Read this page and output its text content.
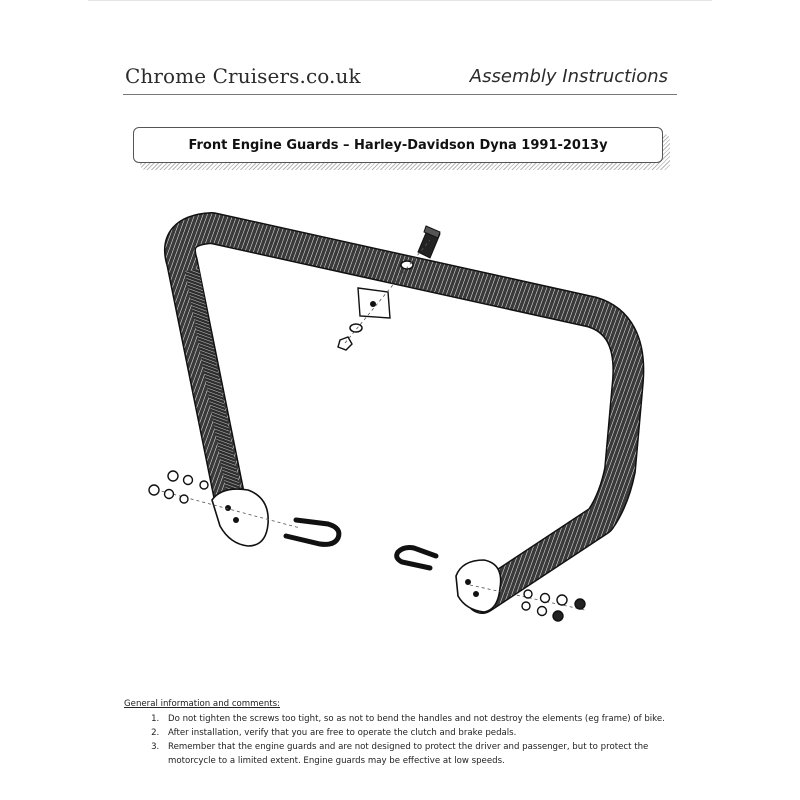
Chrome Cruisers.co.uk	Assembly Instructions
Front Engine Guards – Harley-Davidson Dyna 1991-2013y
General information and comments:
1. Do not tighten the screws too tight, so as not to bend the handles and not destroy the elements (eg frame) of bike.
2. After installation, verify that you are free to operate the clutch and brake pedals.
3. Remember that the engine guards and are not designed to protect the driver and passenger, but to protect the motorcycle to a limited extent. Engine guards may be effective at low speeds.
